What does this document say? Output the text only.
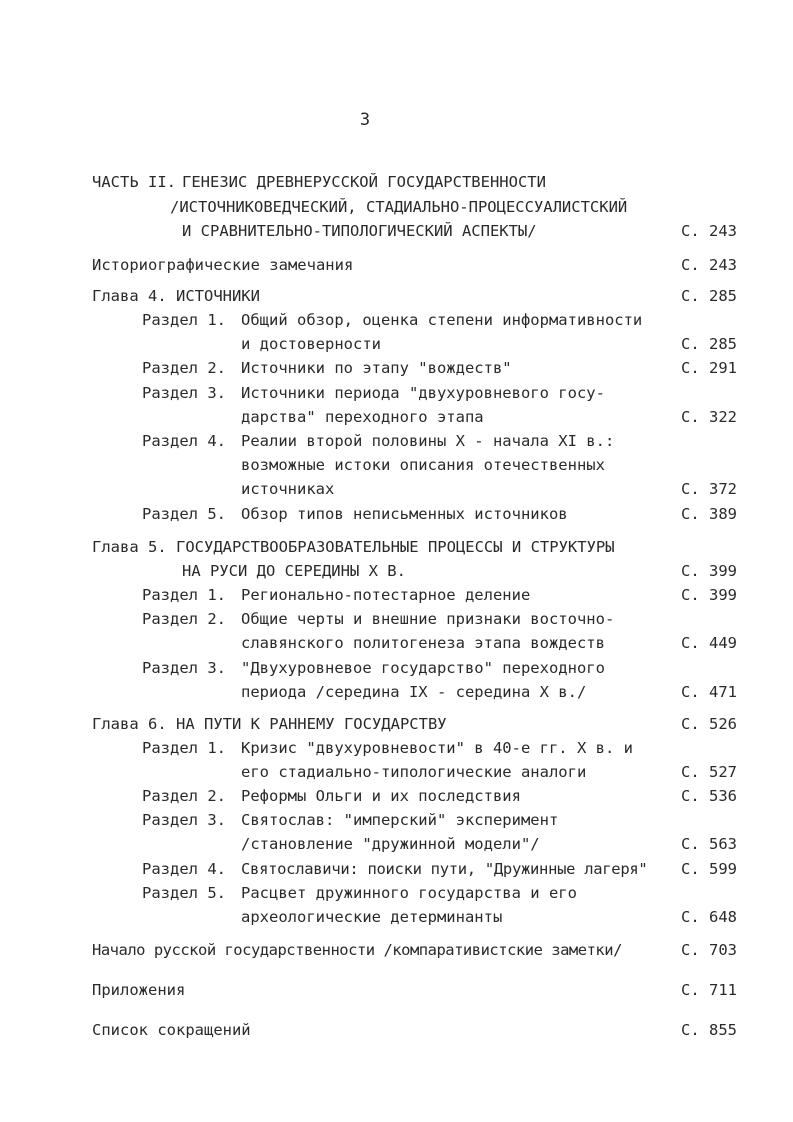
3
ЧАСТЬ II. ГЕНЕЗИС ДРЕВНЕРУССКОЙ ГОСУДАРСТВЕННОСТИ
/ИСТОЧНИКОВЕДЧЕСКИЙ, СТАДИАЛЬНО-ПРОЦЕССУАЛИСТСКИЙ
И СРАВНИТЕЛЬНО-ТИПОЛОГИЧЕСКИЙ АСПЕКТЫ/	С. 243
Историографические замечания	С. 243
Глава 4. ИСТОЧНИКИ	С. 285
Раздел 1. Общий обзор, оценка степени информативности
и достоверности	С. 285
Раздел 2. Источники по этапу "вождеств"	С. 291
Раздел 3. Источники периода "двухуровневого госу-
дарства" переходного этапа	С. 322
Раздел 4. Реалии второй половины Х - начала XI в.:
возможные истоки описания отечественных
источниках	С. 372
Раздел 5. Обзор типов неписьменных источников	С. 389
Глава 5. ГОСУДАРСТВООБРАЗОВАТЕЛЬНЫЕ ПРОЦЕССЫ И СТРУКТУРЫ
НА РУСИ ДО СЕРЕДИНЫ Х В.	С. 399
Раздел 1. Регионально-потестарное деление	С. 399
Раздел 2. Общие черты и внешние признаки восточно-
славянского политогенеза этапа вождеств	С. 449
Раздел 3. "Двухуровневое государство" переходного
периода /середина IX - середина Х в./	С. 471
Глава 6. НА ПУТИ К РАННЕМУ ГОСУДАРСТВУ	С. 526
Раздел 1. Кризис "двухуровневости" в 40-е гг. Х в. и
его стадиально-типологические аналоги	С. 527
Раздел 2. Реформы Ольги и их последствия	С. 536
Раздел 3. Святослав: "имперский" эксперимент
/становление "дружинной модели"/	С. 563
Раздел 4. Святославичи: поиски пути, "Дружинные лагеря" С. 599
Раздел 5. Расцвет дружинного государства и его
археологические детерминанты	С. 648
Начало русской государственности /компаративистские заметки/	С. 703
Приложения	С. 711
Список сокращений	С. 855
